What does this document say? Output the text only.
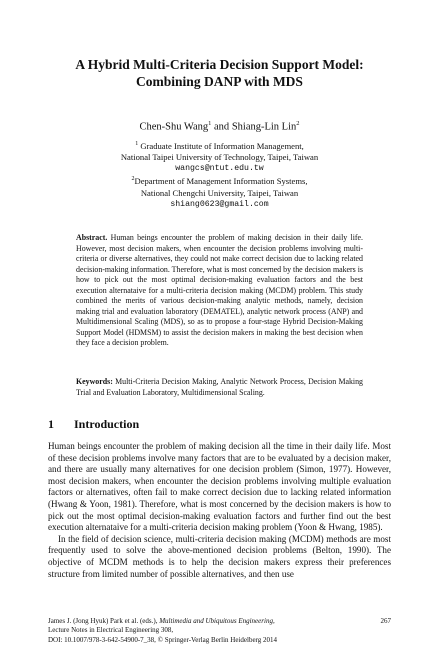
A Hybrid Multi-Criteria Decision Support Model:
Combining DANP with MDS
Chen-Shu Wang$^1$ and Shiang-Lin Lin$^2$
$^1$ Graduate Institute of Information Management,
National Taipei University of Technology, Taipei, Taiwan
wangcs@ntut.edu.tw
$^2$Department of Management Information Systems,
National Chengchi University, Taipei, Taiwan
shiang0623@gmail.com
Abstract. Human beings encounter the problem of making decision in their daily life. However, most decision makers, when encounter the decision problems involving multi-criteria or diverse alternatives, they could not make correct decision due to lacking related decision-making information. Therefore, what is most concerned by the decision makers is how to pick out the most optimal decision-making evaluation factors and the best execution alternataive for a multi-criteria decision making (MCDM) problem. This study combined the merits of various decision-making analytic methods, namely, decision making trial and evaluation laboratory (DEMATEL), analytic network process (ANP) and Multidimensional Scaling (MDS), so as to propose a four-stage Hybrid Decision-Making Support Model (HDMSM) to assist the decision makers in making the best decision when they face a decision problem.
Keywords: Multi-Criteria Decision Making, Analytic Network Process, Decision Making Trial and Evaluation Laboratory, Multidimensional Scaling.
1 Introduction

Human beings encounter the problem of making decision all the time in their daily life. Most of these decision problems involve many factors that are to be evaluated by a decision maker, and there are usually many alternatives for one decision problem (Simon, 1977). However, most decision makers, when encounter the decision problems involving multiple evaluation factors or alternatives, often fail to make correct decision due to lacking related information (Hwang & Yoon, 1981). Therefore, what is most concerned by the decision makers is how to pick out the most optimal decision-making evaluation factors and further find out the best execution alternataive for a multi-criteria decision making problem (Yoon & Hwang, 1985).

In the field of decision science, multi-criteria decision making (MCDM) methods are most frequently used to solve the above-mentioned decision problems (Belton, 1990). The objective of MCDM methods is to help the decision makers express their preferences structure from limited number of possible alternatives, and then use

James J. (Jong Hyuk) Park et al. (eds.), Multimedia and Ubiquitous Engineering,
Lecture Notes in Electrical Engineering 308,
DOI: 10.1007/978-3-642-54900-7_38, © Springer-Verlag Berlin Heidelberg 2014
267
